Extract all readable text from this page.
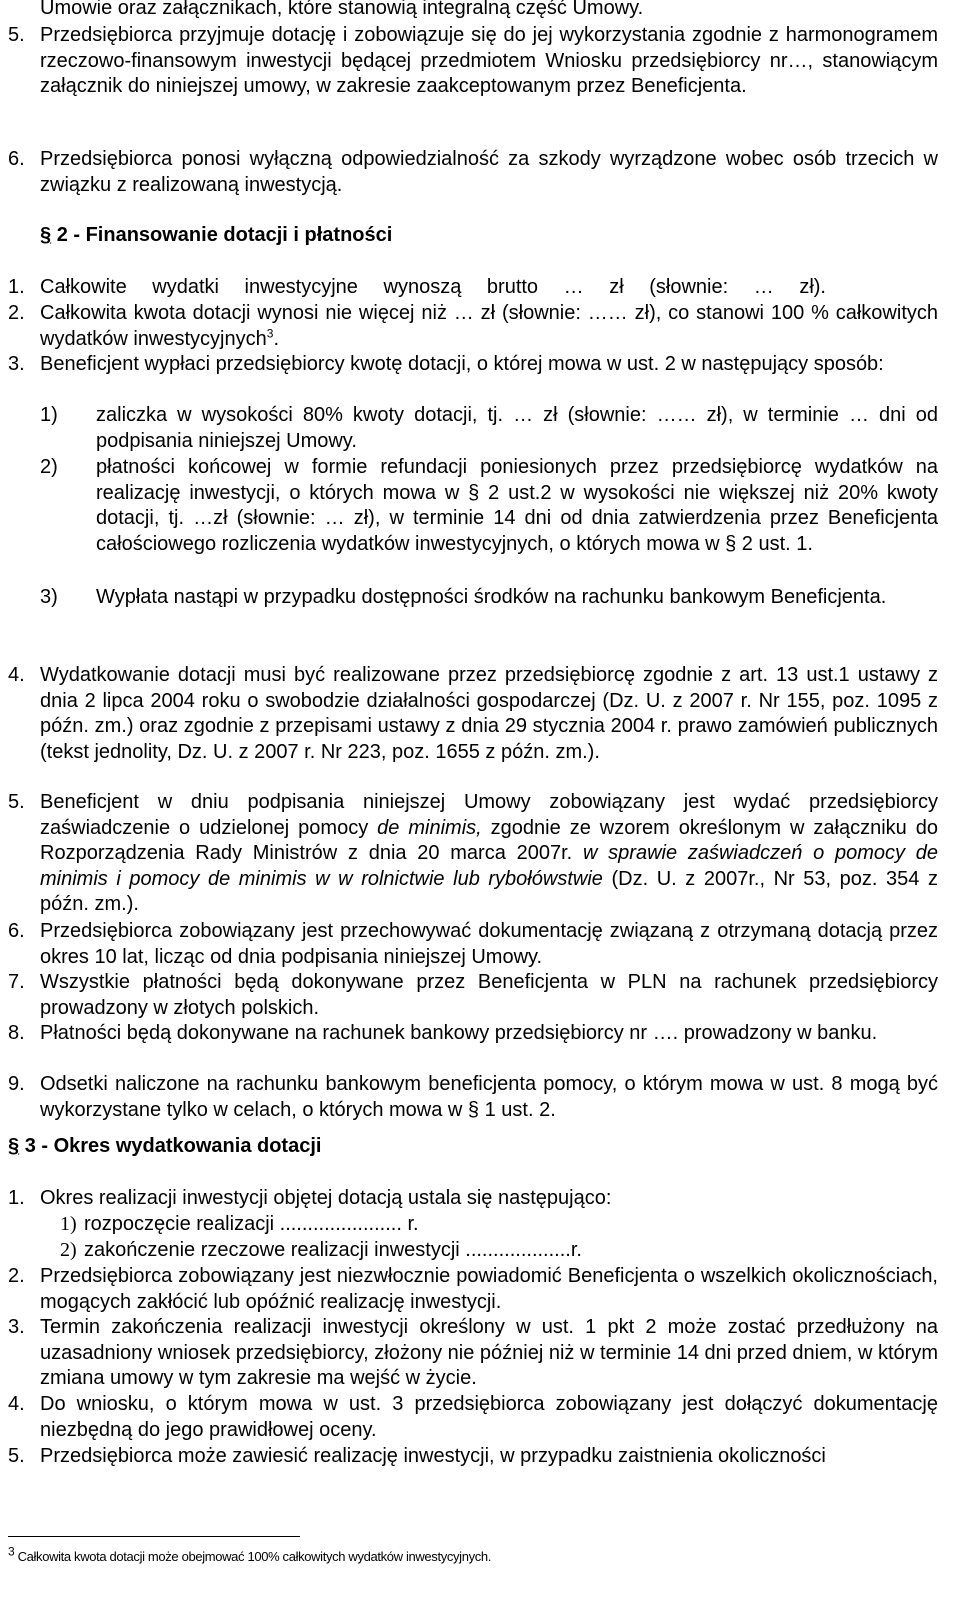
Umowie oraz załącznikach, które stanowią integralną część Umowy.
5. Przedsiębiorca przyjmuje dotację i zobowiązuje się do jej wykorzystania zgodnie z harmonogramem rzeczowo-finansowym inwestycji będącej przedmiotem Wniosku przedsiębiorcy nr…, stanowiącym załącznik do niniejszej umowy, w zakresie zaakceptowanym przez Beneficjenta.
6. Przedsiębiorca ponosi wyłączną odpowiedzialność za szkody wyrządzone wobec osób trzecich w związku z realizowaną inwestycją.
§ 2 - Finansowanie dotacji i płatności
1. Całkowite wydatki inwestycyjne wynoszą brutto … zł (słownie: … zł).
2. Całkowita kwota dotacji wynosi nie więcej niż … zł (słownie: …… zł), co stanowi 100 % całkowitych wydatków inwestycyjnych$^3$.
3. Beneficjent wypłaci przedsiębiorcy kwotę dotacji, o której mowa w ust. 2 w następujący sposób:
1)	zaliczka w wysokości 80% kwoty dotacji, tj. … zł (słownie: …… zł), w terminie … dni od podpisania niniejszej Umowy.
2)	płatności końcowej w formie refundacji poniesionych przez przedsiębiorcę wydatków na realizację inwestycji, o których mowa w § 2 ust.2 w wysokości nie większej niż 20% kwoty dotacji, tj. …zł (słownie: … zł), w terminie 14 dni od dnia zatwierdzenia przez Beneficjenta całościowego rozliczenia wydatków inwestycyjnych, o których mowa w § 2 ust. 1.
3)	Wypłata nastąpi w przypadku dostępności środków na rachunku bankowym Beneficjenta.
4. Wydatkowanie dotacji musi być realizowane przez przedsiębiorcę zgodnie z art. 13 ust.1 ustawy z dnia 2 lipca 2004 roku o swobodzie działalności gospodarczej (Dz. U. z 2007 r. Nr 155, poz. 1095 z późn. zm.) oraz zgodnie z przepisami ustawy z dnia 29 stycznia 2004 r. prawo zamówień publicznych (tekst jednolity, Dz. U. z 2007 r. Nr 223, poz. 1655 z późn. zm.).
5. Beneficjent w dniu podpisania niniejszej Umowy zobowiązany jest wydać przedsiębiorcy zaświadczenie o udzielonej pomocy de minimis, zgodnie ze wzorem określonym w załączniku do Rozporządzenia Rady Ministrów z dnia 20 marca 2007r. w sprawie zaświadczeń o pomocy de minimis i pomocy de minimis w w rolnictwie lub rybołówstwie (Dz. U. z 2007r., Nr 53, poz. 354 z późn. zm.).
6. Przedsiębiorca zobowiązany jest przechowywać dokumentację związaną z otrzymaną dotacją przez okres 10 lat, licząc od dnia podpisania niniejszej Umowy.
7. Wszystkie płatności będą dokonywane przez Beneficjenta w PLN na rachunek przedsiębiorcy prowadzony w złotych polskich.
8. Płatności będą dokonywane na rachunek bankowy przedsiębiorcy nr …. prowadzony w banku.
9. Odsetki naliczone na rachunku bankowym beneficjenta pomocy, o którym mowa w ust. 8 mogą być wykorzystane tylko w celach, o których mowa w § 1 ust. 2.
§ 3 - Okres wydatkowania dotacji
1. Okres realizacji inwestycji objętej dotacją ustala się następująco:
1) rozpoczęcie realizacji ...................... r.
2) zakończenie rzeczowe realizacji inwestycji ...................r.
2. Przedsiębiorca zobowiązany jest niezwłocznie powiadomić Beneficjenta o wszelkich okolicznościach, mogących zakłócić lub opóźnić realizację inwestycji.
3. Termin zakończenia realizacji inwestycji określony w ust. 1 pkt 2 może zostać przedłużony na uzasadniony wniosek przedsiębiorcy, złożony nie później niż w terminie 14 dni przed dniem, w którym zmiana umowy w tym zakresie ma wejść w życie.
4. Do wniosku, o którym mowa w ust. 3 przedsiębiorca zobowiązany jest dołączyć dokumentację niezbędną do jego prawidłowej oceny.
5. Przedsiębiorca może zawiesić realizację inwestycji, w przypadku zaistnienia okoliczności
$^3$ Całkowita kwota dotacji może obejmować 100% całkowitych wydatków inwestycyjnych.
